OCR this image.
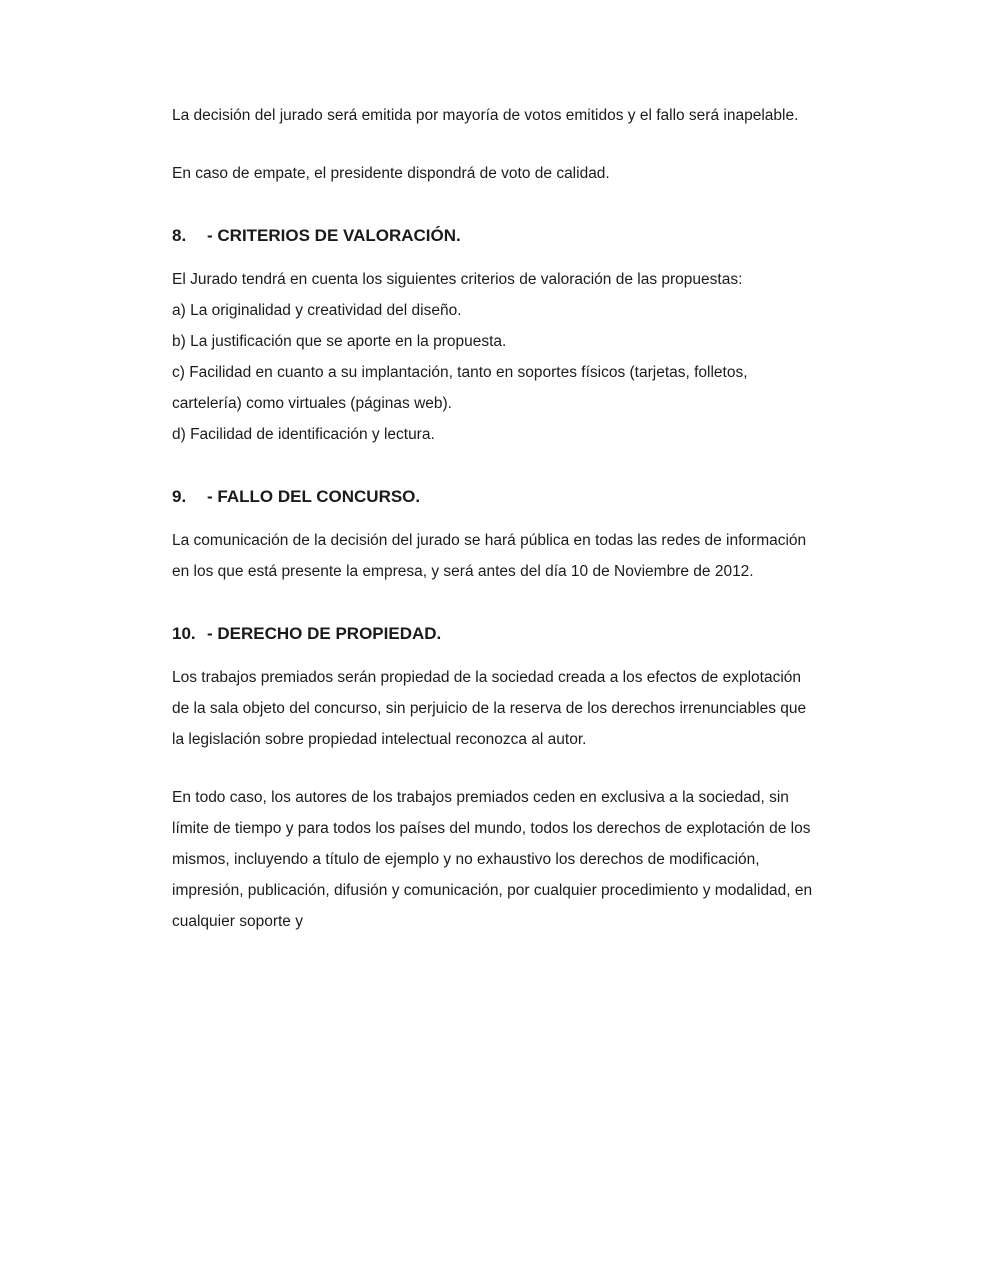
La decisión del jurado será emitida por mayoría de votos emitidos y el fallo será inapelable.

En caso de empate, el presidente dispondrá de voto de calidad.

8.	- CRITERIOS DE VALORACIÓN.

El Jurado tendrá en cuenta los siguientes criterios de valoración de las propuestas:

a) La originalidad y creatividad del diseño.
b) La justificación que se aporte en la propuesta.
c) Facilidad en cuanto a su implantación, tanto en soportes físicos (tarjetas, folletos, cartelería) como virtuales (páginas web).
d) Facilidad de identificación y lectura.
9.	- FALLO DEL CONCURSO.

La comunicación de la decisión del jurado se hará pública en todas las redes de información en los que está presente la empresa, y será antes del día 10 de Noviembre de 2012.

10. - DERECHO DE PROPIEDAD.

Los trabajos premiados serán propiedad de la sociedad creada a los efectos de explotación de la sala objeto del concurso, sin perjuicio de la reserva de los derechos irrenunciables que la legislación sobre propiedad intelectual reconozca al autor.

En todo caso, los autores de los trabajos premiados ceden en exclusiva a la sociedad, sin límite de tiempo y para todos los países del mundo, todos los derechos de explotación de los mismos, incluyendo a título de ejemplo y no exhaustivo los derechos de modificación, impresión, publicación, difusión y comunicación, por cualquier procedimiento y modalidad, en cualquier soporte y
